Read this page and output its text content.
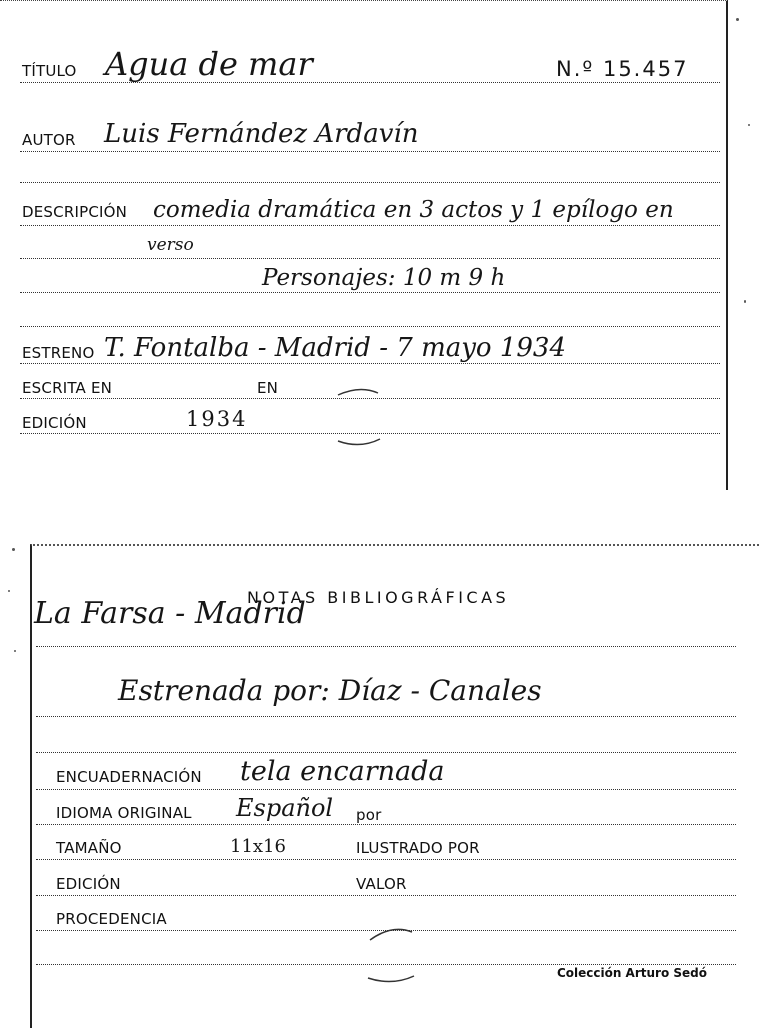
TÍTULO Agua de mar	N.º 15.457
AUTOR Luis Fernández Ardavín
DESCRIPCIÓN comedia dramática en 3 actos y 1 epílogo en
verso
Personajes: 10 m 9 h
ESTRENO T. Fontalba - Madrid - 7 mayo 1934
ESCRITA EN	EN
EDICIÓN	1934
NOTAS BIBLIOGRÁFICAS
La Farsa - Madrid
Estrenada por: Díaz - Canales
ENCUADERNACIÓN tela encarnada
IDIOMA ORIGINAL Español por
TAMAÑO	11x16	ILUSTRADO POR
EDICIÓN	VALOR
PROCEDENCIA
Colección Arturo Sedó
